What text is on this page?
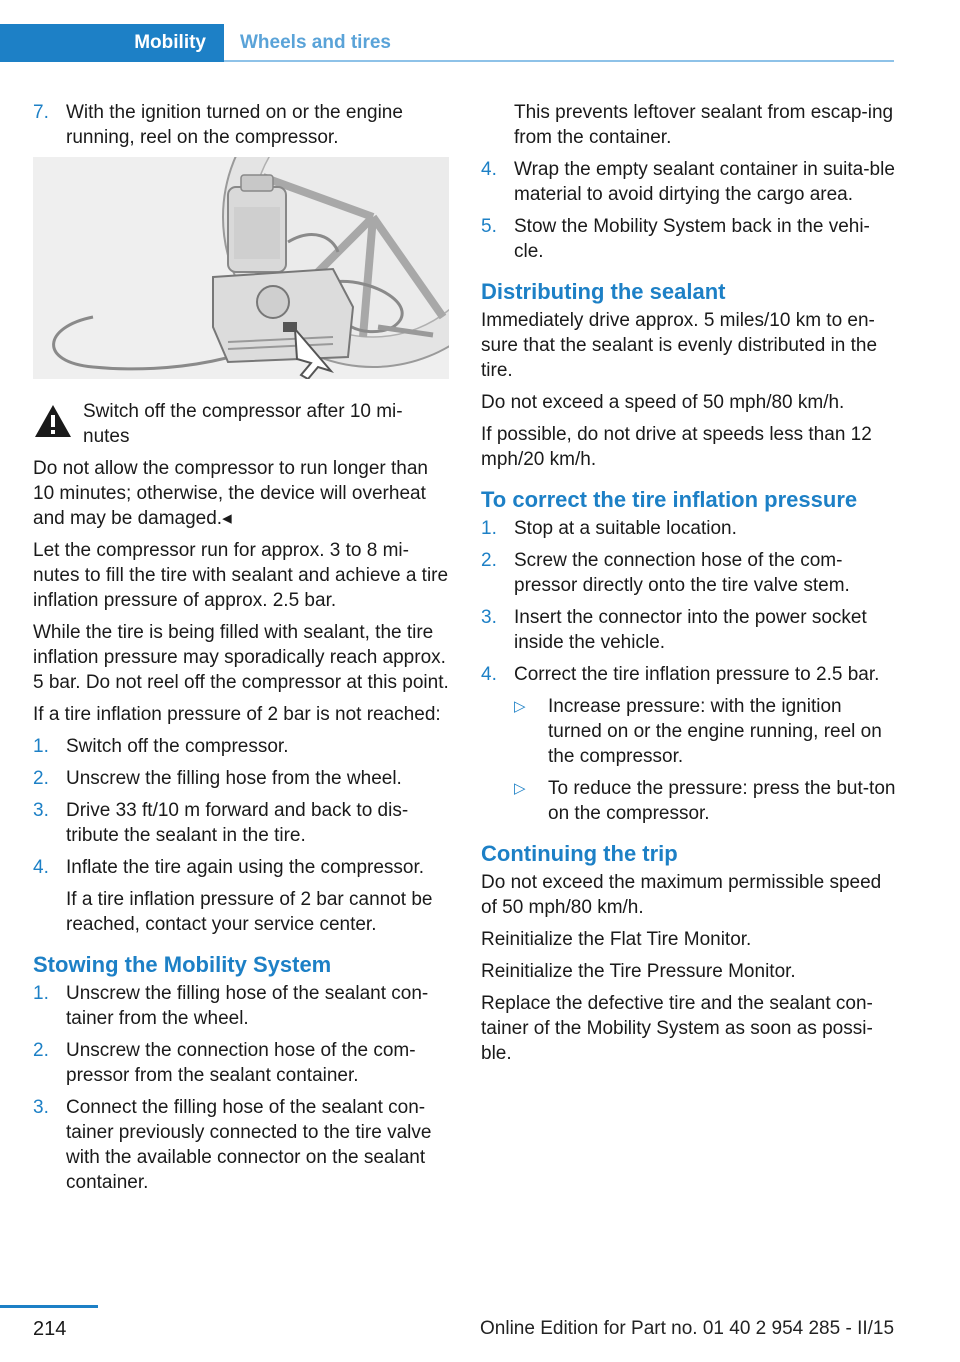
Mobility	Wheels and tires
7. With the ignition turned on or the engine running, reel on the compressor.
Switch off the compressor after 10 mi-nutes

Do not allow the compressor to run longer than 10 minutes; otherwise, the device will overheat and may be damaged.◂

Let the compressor run for approx. 3 to 8 mi-nutes to fill the tire with sealant and achieve a tire inflation pressure of approx. 2.5 bar.

While the tire is being filled with sealant, the tire inflation pressure may sporadically reach approx. 5 bar. Do not reel off the compressor at this point.

If a tire inflation pressure of 2 bar is not reached:

1. Switch off the compressor.
2. Unscrew the filling hose from the wheel.
3. Drive 33 ft/10 m forward and back to dis-tribute the sealant in the tire.
4. Inflate the tire again using the compressor.
If a tire inflation pressure of 2 bar cannot be reached, contact your service center.
Stowing the Mobility System
1. Unscrew the filling hose of the sealant con-tainer from the wheel.
2. Unscrew the connection hose of the com-pressor from the sealant container.
3. Connect the filling hose of the sealant con-tainer previously connected to the tire valve with the available connector on the sealant container.
This prevents leftover sealant from escap-ing from the container.
4. Wrap the empty sealant container in suita-ble material to avoid dirtying the cargo area.
5. Stow the Mobility System back in the vehi-cle.
Distributing the sealant

Immediately drive approx. 5 miles/10 km to en-sure that the sealant is evenly distributed in the tire.

Do not exceed a speed of 50 mph/80 km/h.

If possible, do not drive at speeds less than 12 mph/20 km/h.

To correct the tire inflation pressure
1. Stop at a suitable location.
2. Screw the connection hose of the com-pressor directly onto the tire valve stem.
3. Insert the connector into the power socket inside the vehicle.
4. Correct the tire inflation pressure to 2.5 bar.
▷ Increase pressure: with the ignition turned on or the engine running, reel on the compressor.
▷ To reduce the pressure: press the but-ton on the compressor.
Continuing the trip

Do not exceed the maximum permissible speed of 50 mph/80 km/h.

Reinitialize the Flat Tire Monitor.

Reinitialize the Tire Pressure Monitor.

Replace the defective tire and the sealant con-tainer of the Mobility System as soon as possi-ble.

214	Online Edition for Part no. 01 40 2 954 285 - II/15
